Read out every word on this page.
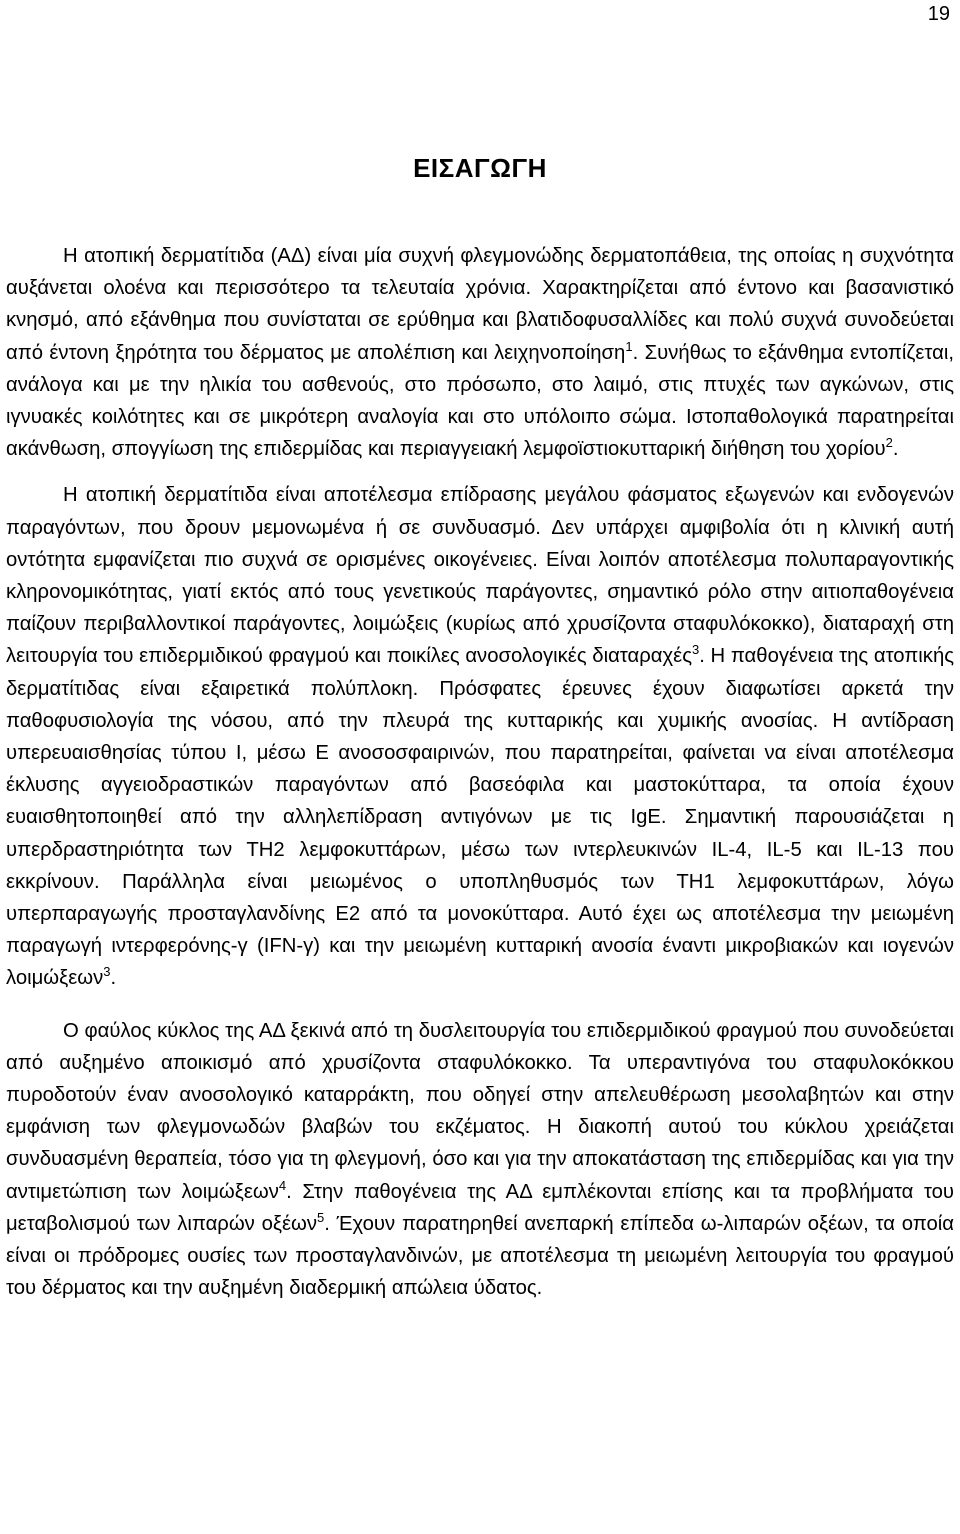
19
ΕΙΣΑΓΩΓΗ

Η ατοπική δερματίτιδα (ΑΔ) είναι μία συχνή φλεγμονώδης δερματοπάθεια, της οποίας η συχνότητα αυξάνεται ολοένα και περισσότερο τα τελευταία χρόνια. Χαρακτηρίζεται από έντονο και βασανιστικό κνησμό, από εξάνθημα που συνίσταται σε ερύθημα και βλατιδοφυσαλλίδες και πολύ συχνά συνοδεύεται από έντονη ξηρότητα του δέρματος με απολέπιση και λειχηνοποίηση$^1$. Συνήθως το εξάνθημα εντοπίζεται, ανάλογα και με την ηλικία του ασθενούς, στο πρόσωπο, στο λαιμό, στις πτυχές των αγκώνων, στις ιγνυακές κοιλότητες και σε μικρότερη αναλογία και στο υπόλοιπο σώμα. Ιστοπαθολογικά παρατηρείται ακάνθωση, σπογγίωση της επιδερμίδας και περιαγγειακή λεμφοϊστιοκυτταρική διήθηση του χορίου$^2$.

Η ατοπική δερματίτιδα είναι αποτέλεσμα επίδρασης μεγάλου φάσματος εξωγενών και ενδογενών παραγόντων, που δρουν μεμονωμένα ή σε συνδυασμό. Δεν υπάρχει αμφιβολία ότι η κλινική αυτή οντότητα εμφανίζεται πιο συχνά σε ορισμένες οικογένειες. Είναι λοιπόν αποτέλεσμα πολυπαραγοντικής κληρονομικότητας, γιατί εκτός από τους γενετικούς παράγοντες, σημαντικό ρόλο στην αιτιοπαθογένεια παίζουν περιβαλλοντικοί παράγοντες, λοιμώξεις (κυρίως από χρυσίζοντα σταφυλόκοκκο), διαταραχή στη λειτουργία του επιδερμιδικού φραγμού και ποικίλες ανοσολογικές διαταραχές$^3$. Η παθογένεια της ατοπικής δερματίτιδας είναι εξαιρετικά πολύπλοκη. Πρόσφατες έρευνες έχουν διαφωτίσει αρκετά την παθοφυσιολογία της νόσου, από την πλευρά της κυτταρικής και χυμικής ανοσίας. Η αντίδραση υπερευαισθησίας τύπου Ι, μέσω Ε ανοσοσφαιρινών, που παρατηρείται, φαίνεται να είναι αποτέλεσμα έκλυσης αγγειοδραστικών παραγόντων από βασεόφιλα και μαστοκύτταρα, τα οποία έχουν ευαισθητοποιηθεί από την αλληλεπίδραση αντιγόνων με τις IgE. Σημαντική παρουσιάζεται η υπερδραστηριότητα των ΤΗ2 λεμφοκυττάρων, μέσω των ιντερλευκινών IL-4, IL-5 και IL-13 που εκκρίνουν. Παράλληλα είναι μειωμένος ο υποπληθυσμός των ΤΗ1 λεμφοκυττάρων, λόγω υπερπαραγωγής προσταγλανδίνης Ε2 από τα μονοκύτταρα. Αυτό έχει ως αποτέλεσμα την μειωμένη παραγωγή ιντερφερόνης-γ (IFN-γ) και την μειωμένη κυτταρική ανοσία έναντι μικροβιακών και ιογενών λοιμώξεων$^3$.

Ο φαύλος κύκλος της ΑΔ ξεκινά από τη δυσλειτουργία του επιδερμιδικού φραγμού που συνοδεύεται από αυξημένο αποικισμό από χρυσίζοντα σταφυλόκοκκο. Τα υπεραντιγόνα του σταφυλοκόκκου πυροδοτούν έναν ανοσολογικό καταρράκτη, που οδηγεί στην απελευθέρωση μεσολαβητών και στην εμφάνιση των φλεγμονωδών βλαβών του εκζέματος. Η διακοπή αυτού του κύκλου χρειάζεται συνδυασμένη θεραπεία, τόσο για τη φλεγμονή, όσο και για την αποκατάσταση της επιδερμίδας και για την αντιμετώπιση των λοιμώξεων$^4$. Στην παθογένεια της ΑΔ εμπλέκονται επίσης και τα προβλήματα του μεταβολισμού των λιπαρών οξέων$^5$. Έχουν παρατηρηθεί ανεπαρκή επίπεδα ω-λιπαρών οξέων, τα οποία είναι οι πρόδρομες ουσίες των προσταγλανδινών, με αποτέλεσμα τη μειωμένη λειτουργία του φραγμού του δέρματος και την αυξημένη διαδερμική απώλεια ύδατος.
